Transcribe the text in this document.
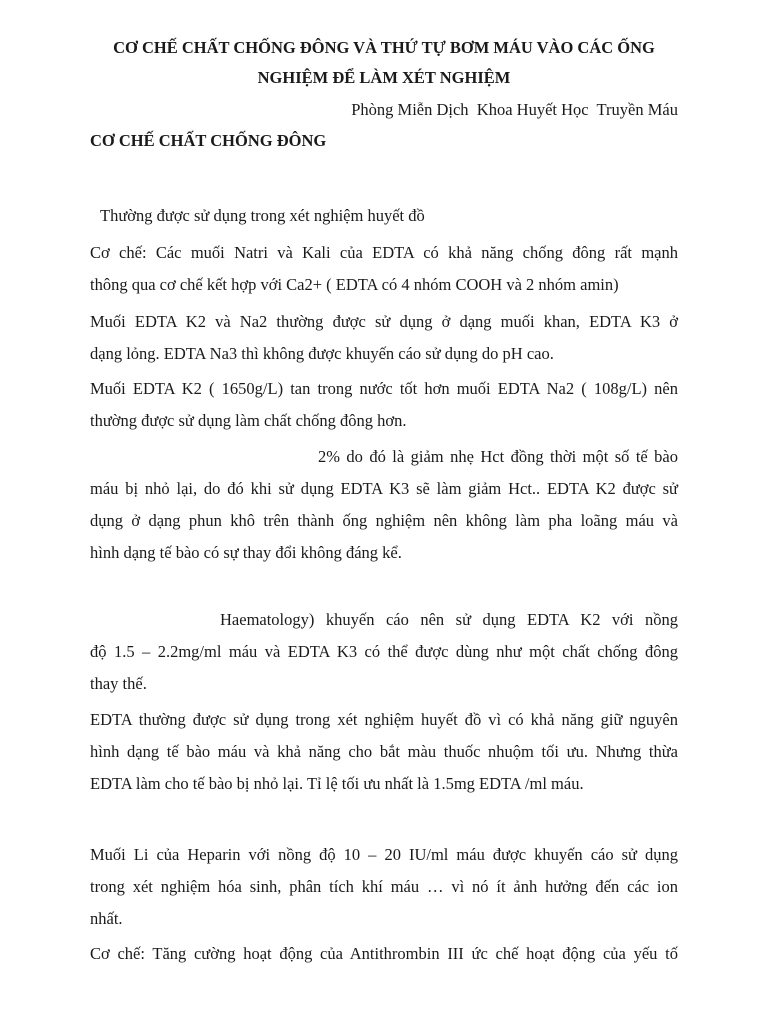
CƠ CHẾ CHẤT CHỐNG ĐÔNG VÀ THỨ TỰ BƠM MÁU VÀO CÁC ỐNG
NGHIỆM ĐỂ LÀM XÉT NGHIỆM
Phòng Miễn Dịch  Khoa Huyết Học  Truyền Máu
CƠ CHẾ CHẤT CHỐNG ĐÔNG
Thường được sử dụng trong xét nghiệm huyết đồ
Cơ chế: Các muối Natri và Kali của EDTA có khả năng chống đông rất mạnh
thông qua cơ chế kết hợp với Ca2+ ( EDTA có 4 nhóm COOH và 2 nhóm amin)
Muối EDTA K2 và Na2 thường được sử dụng ở dạng muối khan, EDTA K3 ở
dạng lỏng. EDTA Na3 thì không được khuyến cáo sử dụng do pH cao.
Muối EDTA K2 ( 1650g/L) tan trong nước tốt hơn muối EDTA Na2 ( 108g/L) nên
thường được sử dụng làm chất chống đông hơn.
2% do đó là giảm nhẹ Hct đồng thời một số tế bào
máu bị nhỏ lại, do đó khi sử dụng EDTA K3 sẽ làm giảm Hct.. EDTA K2 được sử
dụng ở dạng phun khô trên thành ống nghiệm nên không làm pha loãng máu và
hình dạng tế bào có sự thay đổi không đáng kể.
Haematology) khuyến cáo nên sử dụng EDTA K2 với nồng
độ 1.5 – 2.2mg/ml máu và EDTA K3 có thể được dùng như một chất chống đông
thay thế.
EDTA thường được sử dụng trong xét nghiệm huyết đồ vì có khả năng giữ nguyên
hình dạng tế bào máu và khả năng cho bắt màu thuốc nhuộm tối ưu. Nhưng thừa
EDTA làm cho tế bào bị nhỏ lại. Tỉ lệ tối ưu nhất là 1.5mg EDTA /ml máu.
Muối Li của Heparin với nồng độ 10 – 20 IU/ml máu được khuyến cáo sử dụng
trong xét nghiệm hóa sinh, phân tích khí máu … vì nó ít ảnh hưởng đến các ion
nhất.
Cơ chế: Tăng cường hoạt động của Antithrombin III ức chế hoạt động của yếu tố
